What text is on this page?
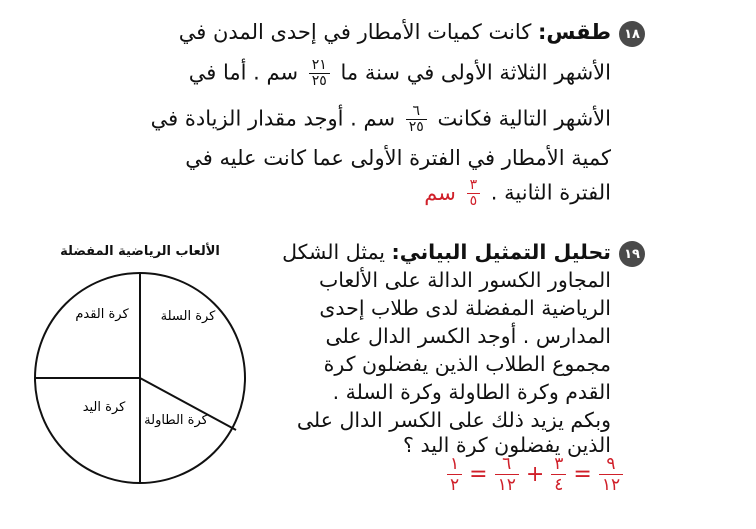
١٨
طقس: كانت كميات الأمطار في إحدى المدن في
الأشهر الثلاثة الأولى في سنة ما
$\frac{٢١}{٢٥}$
سم . أما في
الأشهر التالية فكانت
$\frac{٦}{٢٥}$
سم . أوجد مقدار الزيادة في
كمية الأمطار في الفترة الأولى عما كانت عليه في
الفترة الثانية .
$\frac{٣}{٥}$
سم
١٩
تحليل التمثيل البياني: يمثل الشكل
المجاور الكسور الدالة على الألعاب
الرياضية المفضلة لدى طلاب إحدى
المدارس . أوجد الكسر الدال على
مجموع الطلاب الذين يفضلون كرة
القدم وكرة الطاولة وكرة السلة .
وبكم يزيد ذلك على الكسر الدال على
الذين يفضلون كرة اليد ؟
$\frac{١}{٢} = \frac{٦}{١٢} + \frac{٣}{٤} = \frac{٩}{١٢}$
الألعاب الرياضية المفضلة
كرة القدم كرة السلة
كرة اليد
كرة الطاولة
